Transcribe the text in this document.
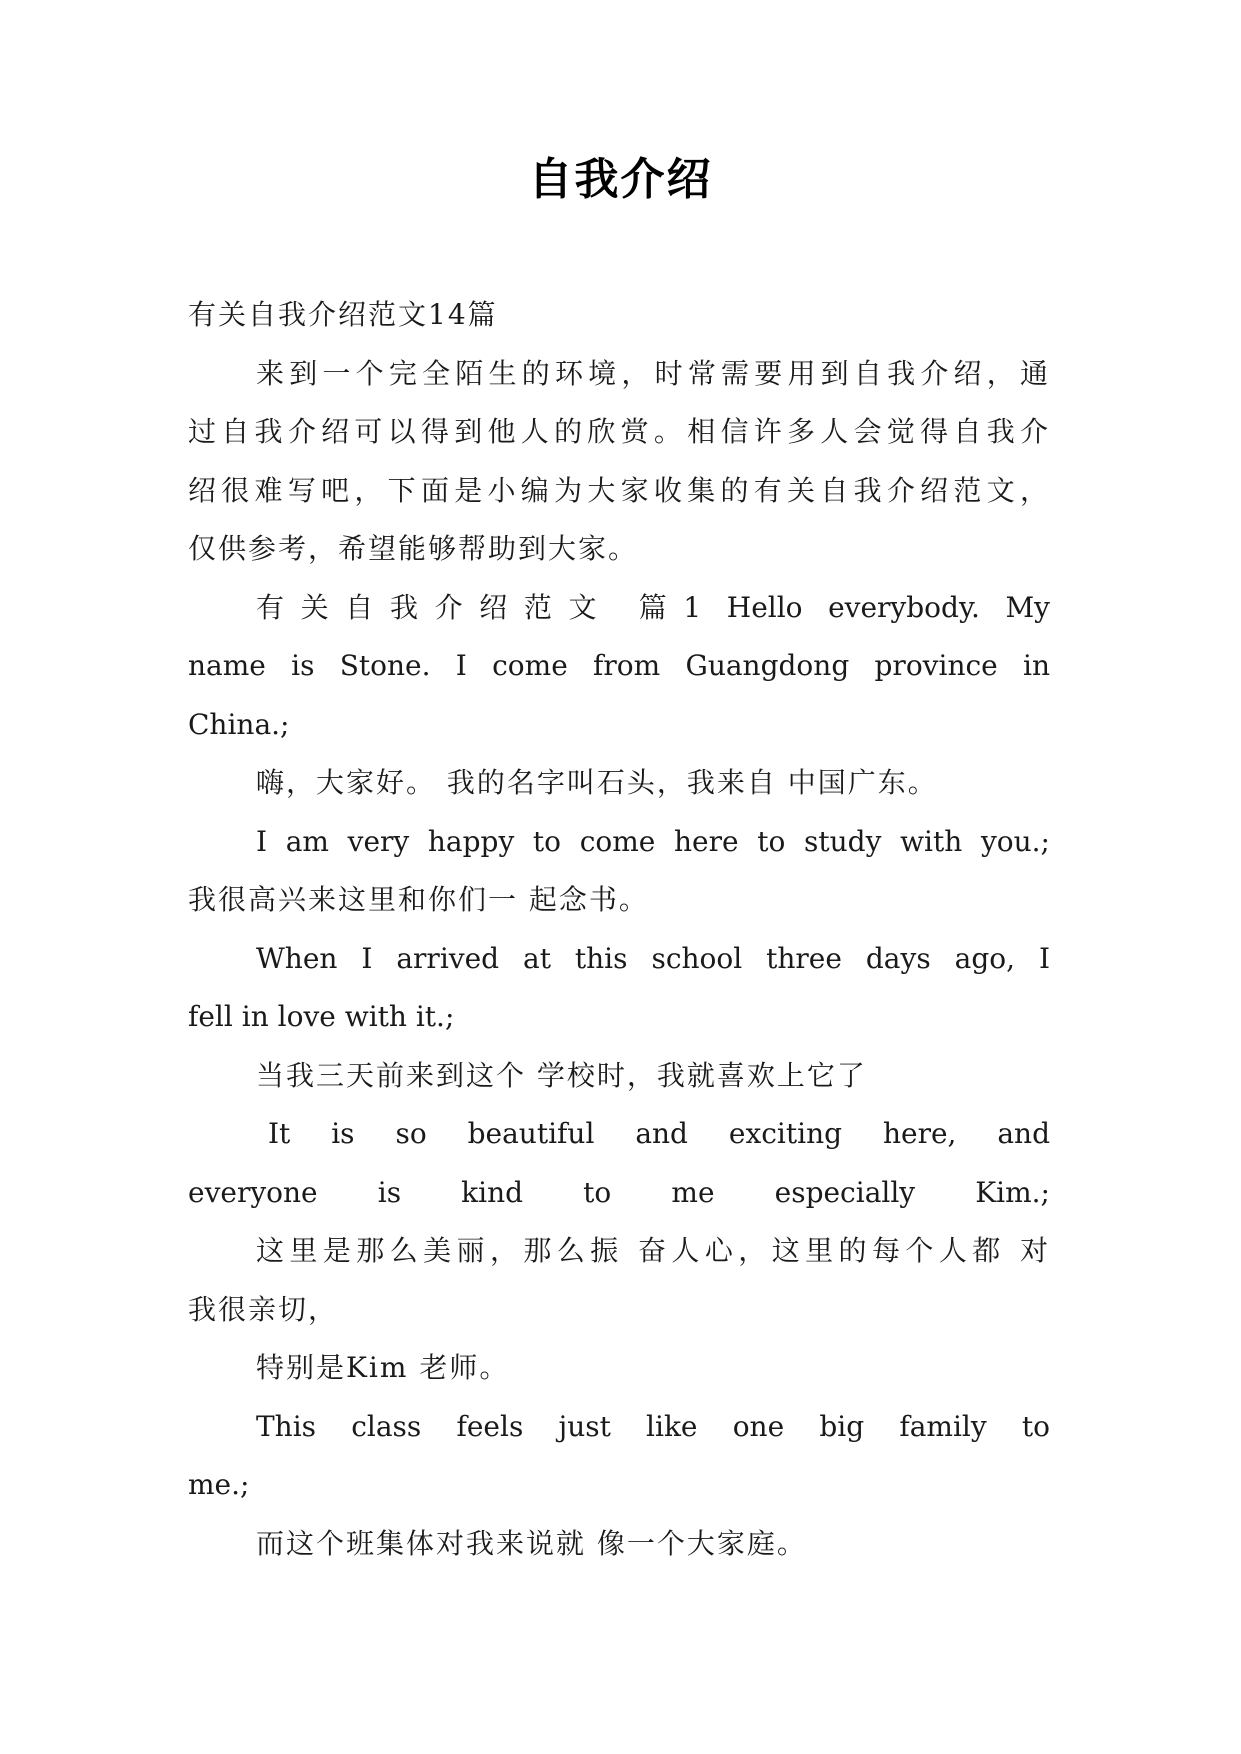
自我介绍
有关自我介绍范文14篇
来到一个完全陌生的环境，时常需要用到自我介绍，通
过自我介绍可以得到他人的欣赏。相信许多人会觉得自我介
绍很难写吧，下面是小编为大家收集的有关自我介绍范文，
仅供参考，希望能够帮助到大家。
有关自我介绍范文 篇1 Hello everybody. My
name is Stone. I come from Guangdong province in
China.;
嗨，大家好。 我的名字叫石头，我来自 中国广东。
I am very happy to come here to study with you.;
我很高兴来这里和你们一 起念书。
When I arrived at this school three days ago, I
fell in love with it.;
当我三天前来到这个 学校时，我就喜欢上它了
It is so beautiful and exciting here, and
everyone is kind to me especially Kim.;
这里是那么美丽，那么振 奋人心，这里的每个人都 对
我很亲切，
特别是Kim 老师。
This class feels just like one big family to
me.;
而这个班集体对我来说就 像一个大家庭。
